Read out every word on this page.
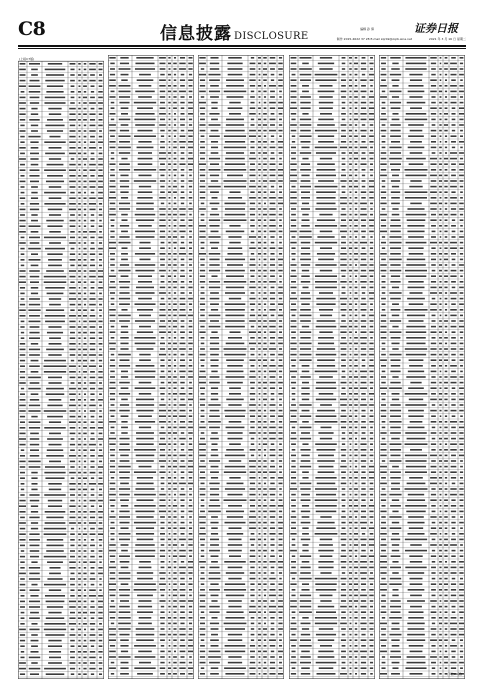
C8	信息披露 DISCLOSURE
编辑 孙 倩
制作 2015-4622 37 28 E-mail zqrb9@zqrb.sina.net
证券日报
2021 年 3 月 16 日 星期二
(上接C7版)
(下转C9版)
